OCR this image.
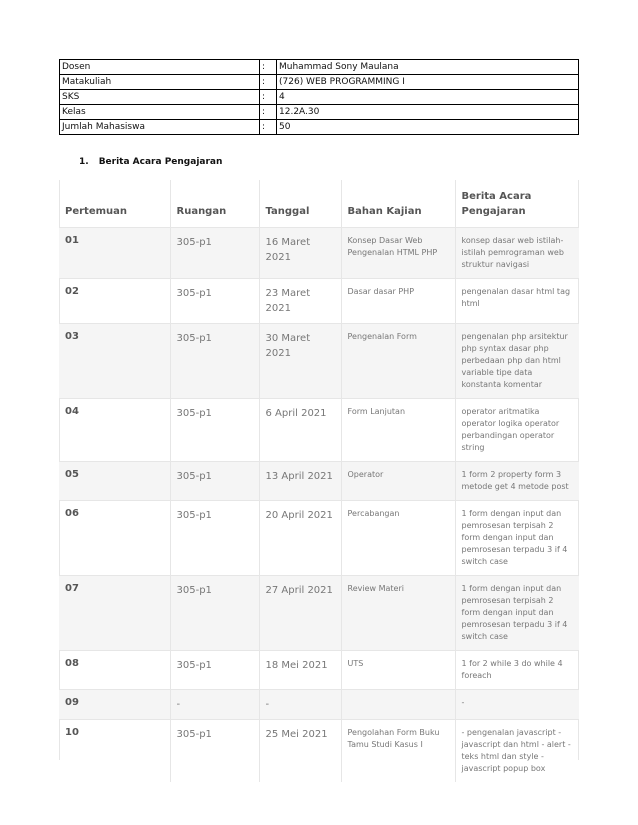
Dosen	:	Muhammad Sony Maulana
Matakuliah	:	(726) WEB PROGRAMMING I
SKS	:	4
Kelas	:	12.2A.30
Jumlah Mahasiswa	:	50
1. Berita Acara Pengajaran
Pertemuan	Ruangan	Tanggal	Bahan Kajian	Berita Acara Pengajaran
01	305-p1	16 Maret 2021	Konsep Dasar Web Pengenalan HTML PHP	konsep dasar web istilah-istilah pemrograman web struktur navigasi
02	305-p1	23 Maret 2021	Dasar dasar PHP	pengenalan dasar html tag html
03	305-p1	30 Maret 2021	Pengenalan Form	pengenalan php arsitektur php syntax dasar php perbedaan php dan html variable tipe data konstanta komentar
04	305-p1	6 April 2021	Form Lanjutan	operator aritmatika operator logika operator perbandingan operator string
05	305-p1	13 April 2021	Operator	1 form 2 property form 3 metode get 4 metode post
06	305-p1	20 April 2021	Percabangan	1 form dengan input dan pemrosesan terpisah 2 form dengan input dan pemrosesan terpadu 3 if 4 switch case
07	305-p1	27 April 2021	Review Materi	1 form dengan input dan pemrosesan terpisah 2 form dengan input dan pemrosesan terpadu 3 if 4 switch case
08	305-p1	18 Mei 2021	UTS	1 for 2 while 3 do while 4 foreach
09	-	-		-
10	305-p1	25 Mei 2021	Pengolahan Form Buku Tamu Studi Kasus I	- pengenalan javascript - javascript dan html - alert - teks html dan style - javascript popup box
